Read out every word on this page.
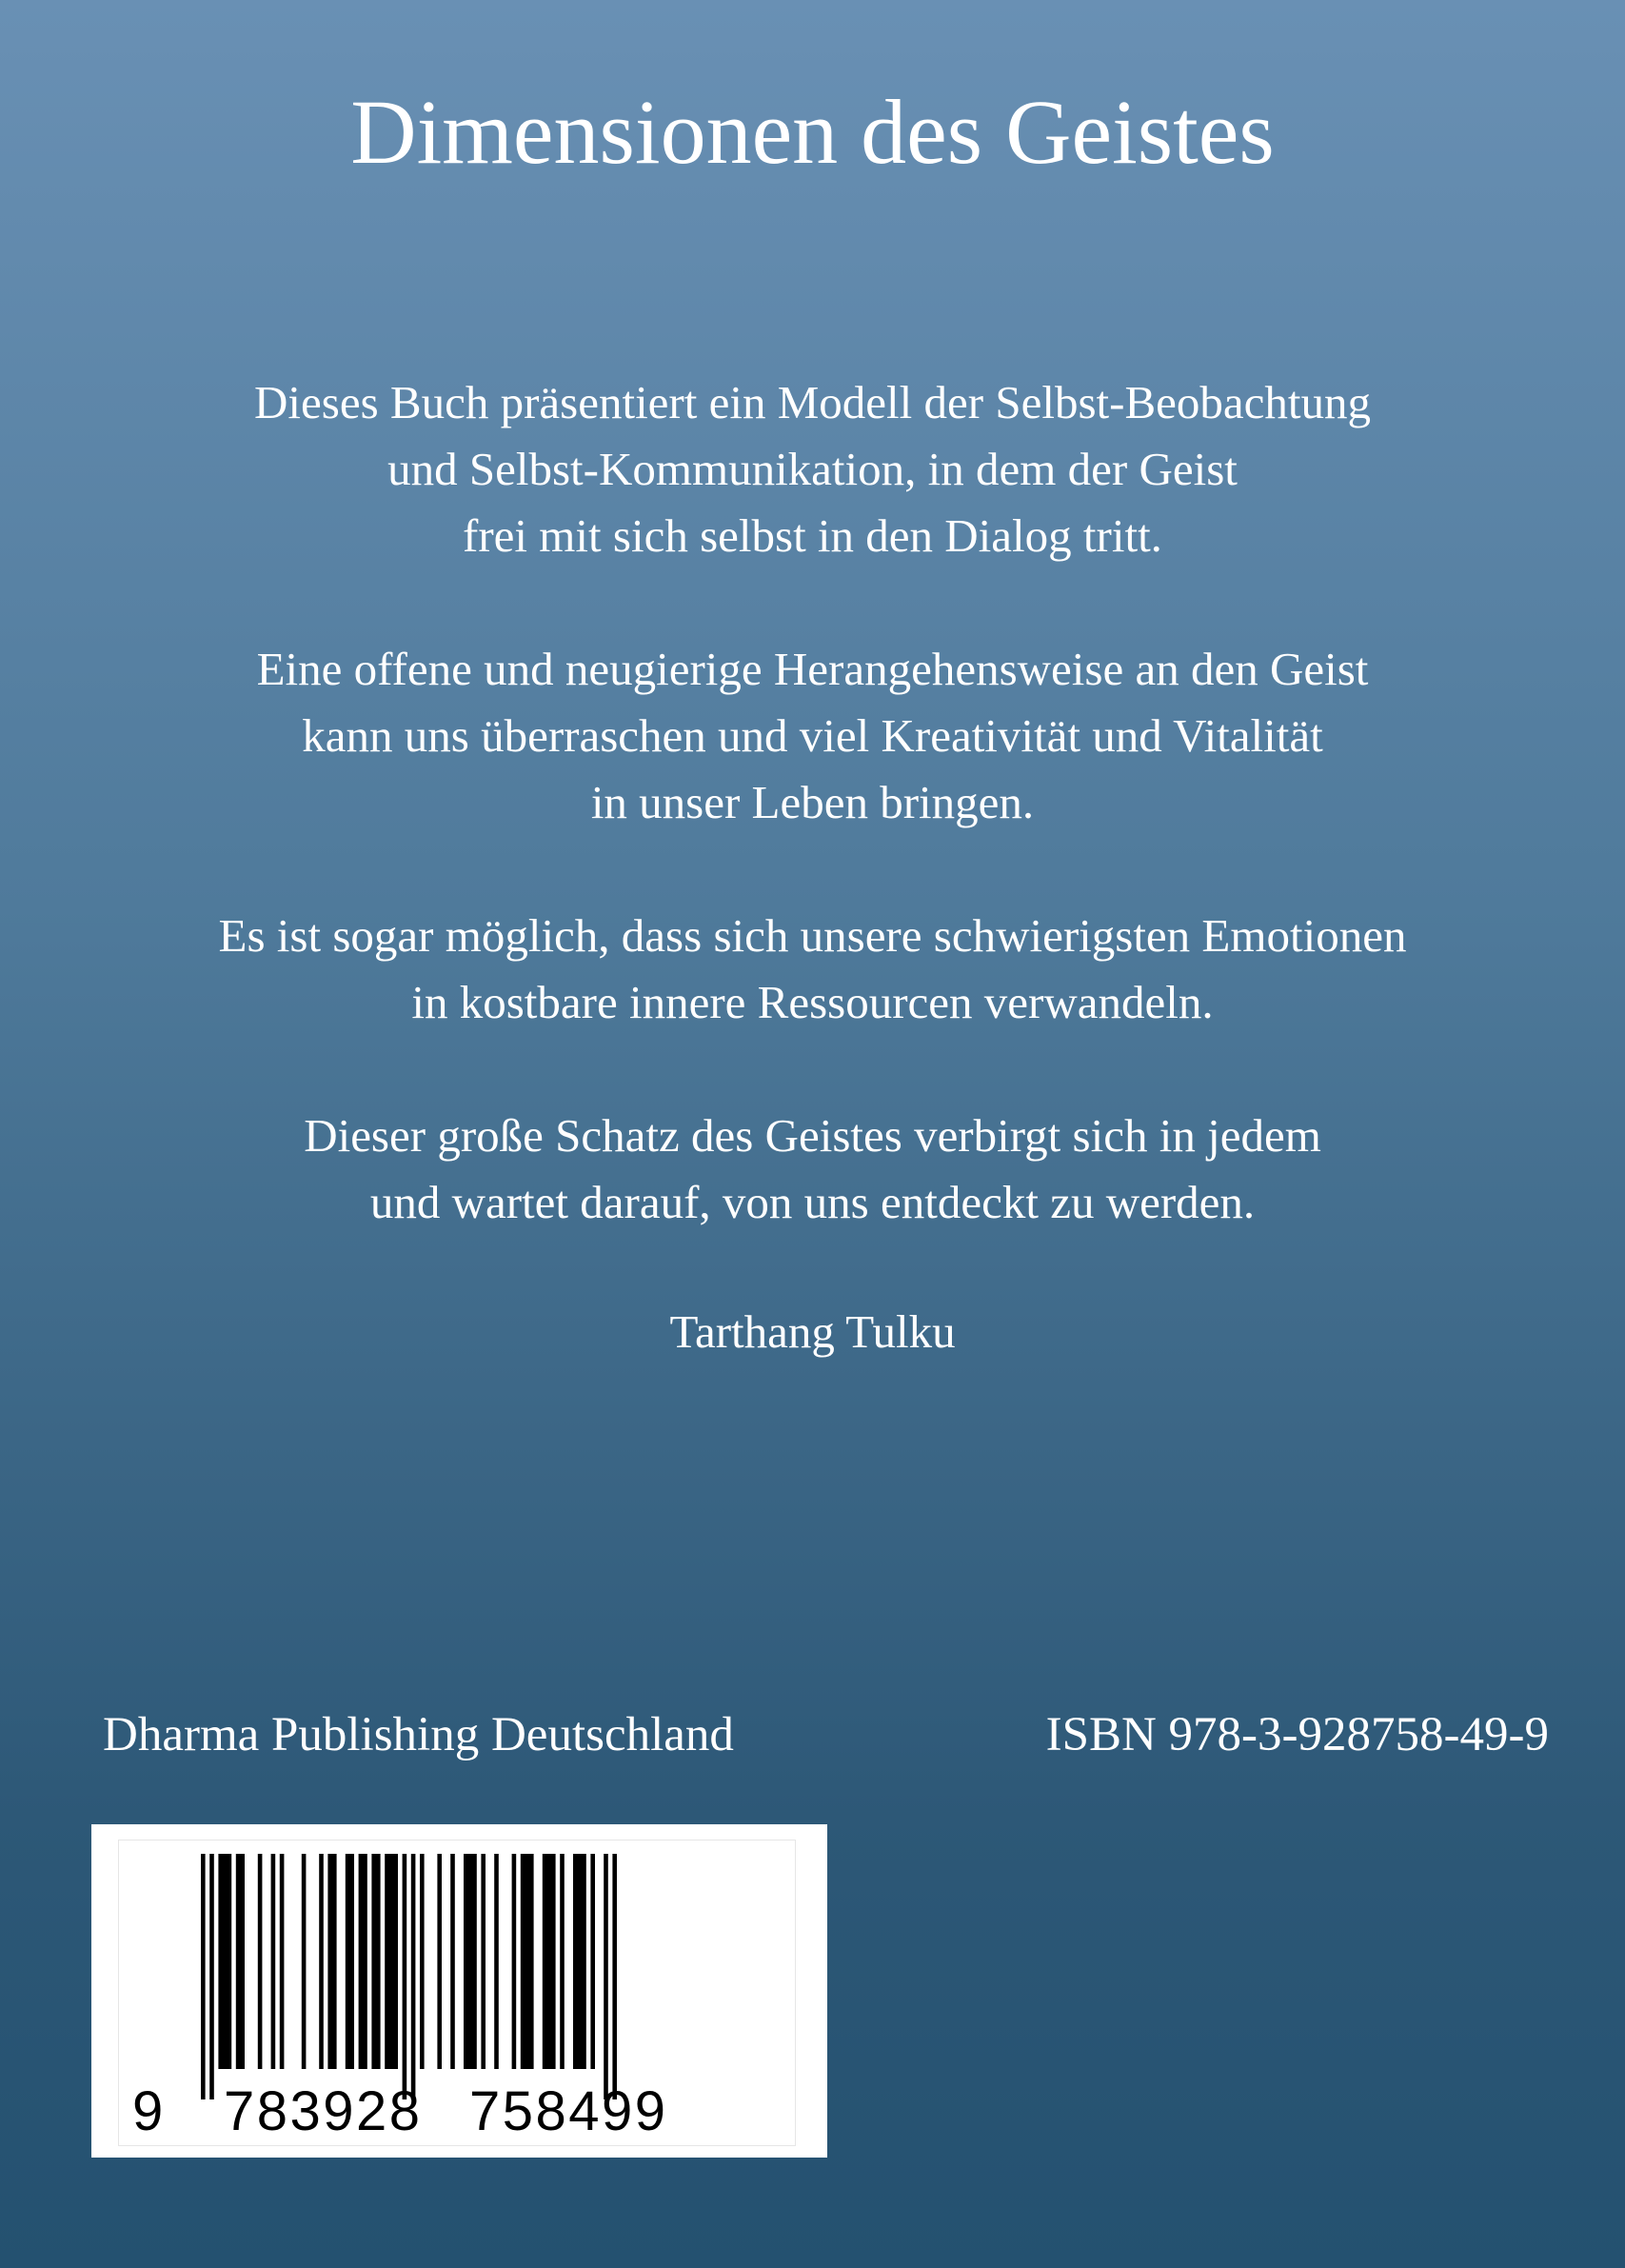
Dimensionen des Geistes
Dieses Buch präsentiert ein Modell der Selbst-Beobachtung
und Selbst-Kommunikation, in dem der Geist
frei mit sich selbst in den Dialog tritt.
Eine offene und neugierige Herangehensweise an den Geist
kann uns überraschen und viel Kreativität und Vitalität
in unser Leben bringen.
Es ist sogar möglich, dass sich unsere schwierigsten Emotionen
in kostbare innere Ressourcen verwandeln.
Dieser große Schatz des Geistes verbirgt sich in jedem
und wartet darauf, von uns entdeckt zu werden.
Tarthang Tulku
Dharma Publishing Deutschland	ISBN 978-3-928758-49-9
9 783928 758499
